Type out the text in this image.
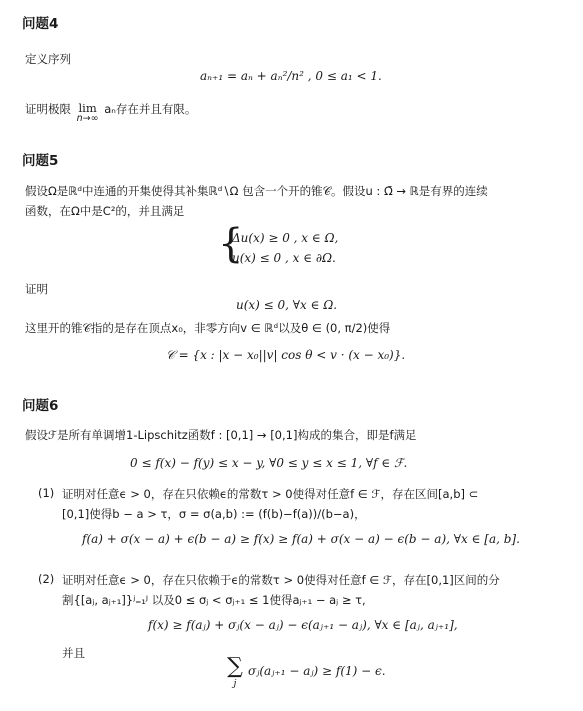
问题4
定义序列
aₙ₊₁ = aₙ + aₙ²/n² , 0 ≤ a₁ < 1.
证明极限 lim
n→∞
aₙ存在并且有限。
问题5
假设Ω是ℝᵈ中连通的开集使得其补集ℝᵈ∖Ω 包含一个开的锥𝒞。假设u : Ω̄ → ℝ是有界的连续
函数，在Ω中是C²的，并且满足
{
Δu(x) ≥ 0 , x ∈ Ω,
u(x) ≤ 0 , x ∈ ∂Ω.
证明
u(x) ≤ 0, ∀x ∈ Ω.
这里开的锥𝒞指的是存在顶点x₀，非零方向v ∈ ℝᵈ以及θ ∈ (0, π/2)使得
𝒞 = {x : |x − x₀||v| cos θ < v · (x − x₀)}.
问题6
假设ℱ是所有单调增1-Lipschitz函数f : [0,1] → [0,1]构成的集合，即是f满足
0 ≤ f(x) − f(y) ≤ x − y, ∀0 ≤ y ≤ x ≤ 1, ∀f ∈ ℱ.
(1) 证明对任意ϵ > 0，存在只依赖ϵ的常数τ > 0使得对任意f ∈ ℱ，存在区间[a,b] ⊂
[0,1]使得b − a > τ，σ = σ(a,b) := (f(b)−f(a))/(b−a)，
f(a) + σ(x − a) + ϵ(b − a) ≥ f(x) ≥ f(a) + σ(x − a) − ϵ(b − a), ∀x ∈ [a, b].
(2) 证明对任意ϵ > 0，存在只依赖于ϵ的常数τ > 0使得对任意f ∈ ℱ，存在[0,1]区间的分
割{[aⱼ, aⱼ₊₁]}ʲ₌₁ᴶ 以及0 ≤ σⱼ < σⱼ₊₁ ≤ 1使得aⱼ₊₁ − aⱼ ≥ τ,
f(x) ≥ f(aⱼ) + σⱼ(x − aⱼ) − ϵ(aⱼ₊₁ − aⱼ), ∀x ∈ [aⱼ, aⱼ₊₁],
并且
∑
j
σⱼ(aⱼ₊₁ − aⱼ) ≥ f(1) − ϵ.
